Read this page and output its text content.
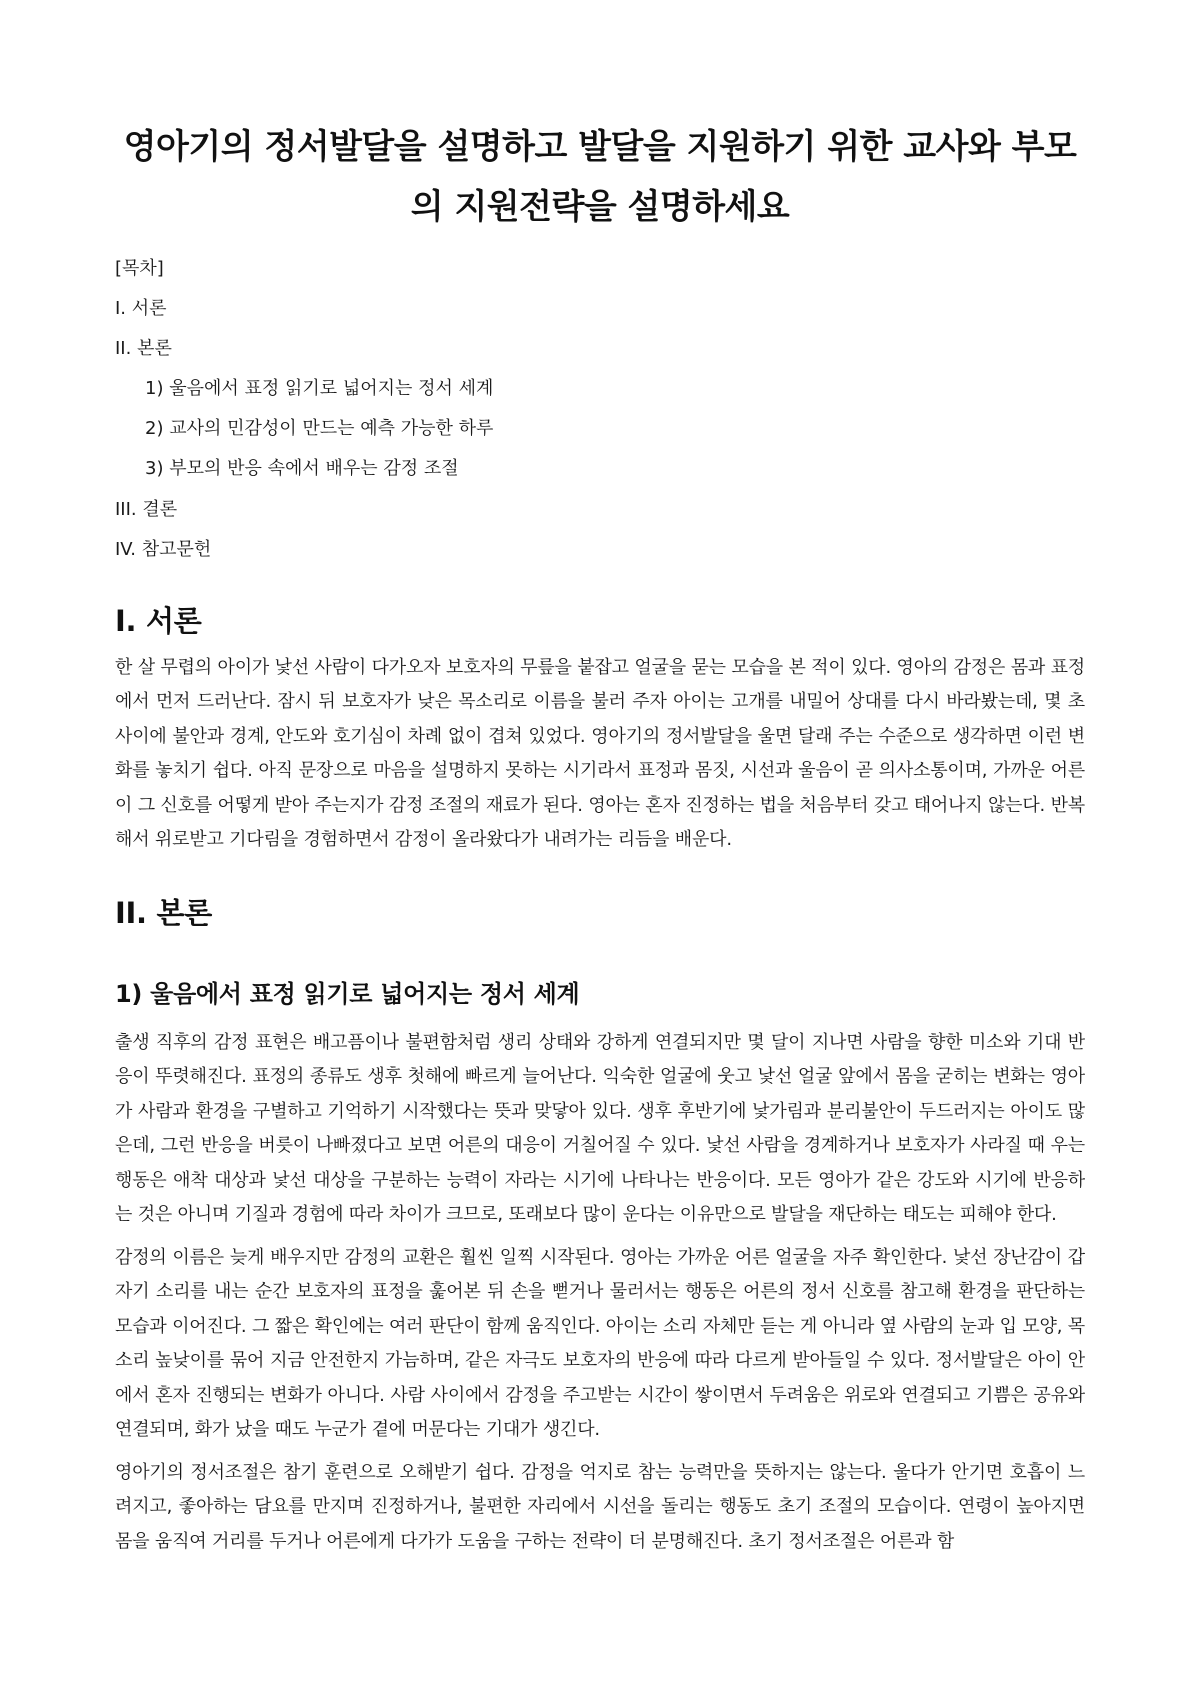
영아기의 정서발달을 설명하고 발달을 지원하기 위한 교사와 부모의 지원전략을 설명하세요

[목차]

I. 서론

II. 본론

1) 울음에서 표정 읽기로 넓어지는 정서 세계

2) 교사의 민감성이 만드는 예측 가능한 하루

3) 부모의 반응 속에서 배우는 감정 조절

III. 결론

IV. 참고문헌

I. 서론

한 살 무렵의 아이가 낯선 사람이 다가오자 보호자의 무릎을 붙잡고 얼굴을 묻는 모습을 본 적이 있다. 영아의 감정은 몸과 표정에서 먼저 드러난다. 잠시 뒤 보호자가 낮은 목소리로 이름을 불러 주자 아이는 고개를 내밀어 상대를 다시 바라봤는데, 몇 초 사이에 불안과 경계, 안도와 호기심이 차례 없이 겹쳐 있었다. 영아기의 정서발달을 울면 달래 주는 수준으로 생각하면 이런 변화를 놓치기 쉽다. 아직 문장으로 마음을 설명하지 못하는 시기라서 표정과 몸짓, 시선과 울음이 곧 의사소통이며, 가까운 어른이 그 신호를 어떻게 받아 주는지가 감정 조절의 재료가 된다. 영아는 혼자 진정하는 법을 처음부터 갖고 태어나지 않는다. 반복해서 위로받고 기다림을 경험하면서 감정이 올라왔다가 내려가는 리듬을 배운다.

II. 본론
1) 울음에서 표정 읽기로 넓어지는 정서 세계

출생 직후의 감정 표현은 배고픔이나 불편함처럼 생리 상태와 강하게 연결되지만 몇 달이 지나면 사람을 향한 미소와 기대 반응이 뚜렷해진다. 표정의 종류도 생후 첫해에 빠르게 늘어난다. 익숙한 얼굴에 웃고 낯선 얼굴 앞에서 몸을 굳히는 변화는 영아가 사람과 환경을 구별하고 기억하기 시작했다는 뜻과 맞닿아 있다. 생후 후반기에 낯가림과 분리불안이 두드러지는 아이도 많은데, 그런 반응을 버릇이 나빠졌다고 보면 어른의 대응이 거칠어질 수 있다. 낯선 사람을 경계하거나 보호자가 사라질 때 우는 행동은 애착 대상과 낯선 대상을 구분하는 능력이 자라는 시기에 나타나는 반응이다. 모든 영아가 같은 강도와 시기에 반응하는 것은 아니며 기질과 경험에 따라 차이가 크므로, 또래보다 많이 운다는 이유만으로 발달을 재단하는 태도는 피해야 한다.

감정의 이름은 늦게 배우지만 감정의 교환은 훨씬 일찍 시작된다. 영아는 가까운 어른 얼굴을 자주 확인한다. 낯선 장난감이 갑자기 소리를 내는 순간 보호자의 표정을 훑어본 뒤 손을 뻗거나 물러서는 행동은 어른의 정서 신호를 참고해 환경을 판단하는 모습과 이어진다. 그 짧은 확인에는 여러 판단이 함께 움직인다. 아이는 소리 자체만 듣는 게 아니라 옆 사람의 눈과 입 모양, 목소리 높낮이를 묶어 지금 안전한지 가늠하며, 같은 자극도 보호자의 반응에 따라 다르게 받아들일 수 있다. 정서발달은 아이 안에서 혼자 진행되는 변화가 아니다. 사람 사이에서 감정을 주고받는 시간이 쌓이면서 두려움은 위로와 연결되고 기쁨은 공유와 연결되며, 화가 났을 때도 누군가 곁에 머문다는 기대가 생긴다.

영아기의 정서조절은 참기 훈련으로 오해받기 쉽다. 감정을 억지로 참는 능력만을 뜻하지는 않는다. 울다가 안기면 호흡이 느려지고, 좋아하는 담요를 만지며 진정하거나, 불편한 자리에서 시선을 돌리는 행동도 초기 조절의 모습이다. 연령이 높아지면 몸을 움직여 거리를 두거나 어른에게 다가가 도움을 구하는 전략이 더 분명해진다. 초기 정서조절은 어른과 함
